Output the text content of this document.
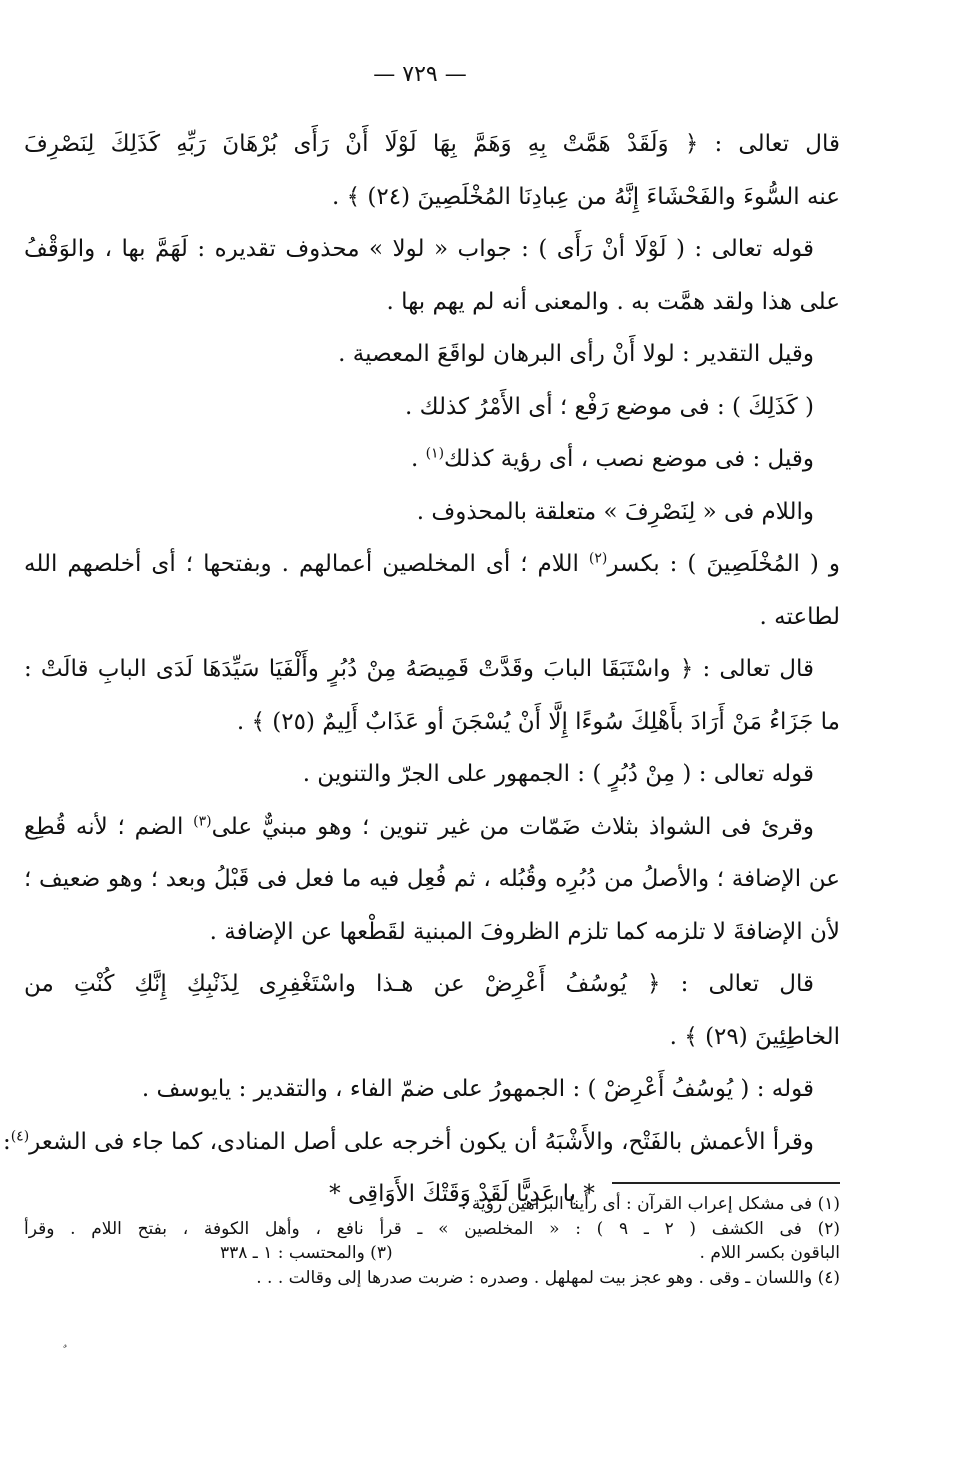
— ٧٢٩ —
قال تعالى : ﴿ وَلَقَدْ هَمَّتْ بِهِ وَهَمَّ بِهَا لَوْلَا أَنْ رَأَى بُرْهَانَ رَبِّهِ كَذَلِكَ لِنَصْرِفَ
عنه السُّوءَ والفَحْشَاءَ إِنَّهُ من عِبادِنَا المُخْلَصِينَ (٢٤) ﴾ .
قوله تعالى : ( لَوْلَا أنْ رَأَى ) : جواب « لولا » محذوف تقديره : لَهَمَّ بها ، والوَقْفُ
على هذا ولقد همَّت به . والمعنى أنه لم يهم بها .
وقيل التقدير : لولا أَنْ رأى البرهان لواقَعَ المعصية .
( كَذَلِكَ ) : فى موضع رَفْع ؛ أى الأَمْرُ كذلك .
وقيل : فى موضع نصب ، أى رؤية كذلك$^{(١)}$ .
واللام فى « لِنَصْرِفَ » متعلقة بالمحذوف .
و ( المُخْلَصِينَ ) : بكسر$^{(٢)}$ اللام ؛ أى المخلصين أعمالهم . وبفتحها ؛ أى أخلصهم الله
لطاعته .
قال تعالى : ﴿ واسْتَبَقَا البابَ وقَدَّتْ قَمِيصَهُ مِنْ دُبُرٍ وأَلْفَيَا سَيِّدَهَا لَدَى البابِ قالَتْ :
ما جَزَاءُ مَنْ أَرَادَ بأَهْلِكَ سُوءًا إِلَّا أَنْ يُسْجَنَ أو عَذَابٌ أَلِيمٌ (٢٥) ﴾ .
قوله تعالى : ( مِنْ دُبُرٍ ) : الجمهور على الجرّ والتنوين .
وقرئ فى الشواذ بثلاث ضَمّات من غير تنوين ؛ وهو مبنيٌّ على$^{(٣)}$ الضم ؛ لأنه قُطِع
عن الإضافة ؛ والأصلُ من دُبُرِه وقُبُله ، ثم فُعِل فيه ما فعل فى قَبْلُ وبعد ؛ وهو ضعيف ؛
لأن الإضافةَ لا تلزمه كما تلزم الظروفَ المبنية لقَطْعها عن الإضافة .
قال تعالى : ﴿ يُوسُفُ أَعْرِضْ عن هـذا واسْتَغْفِرِى لِذَنْبِكِ إِنَّكِ كُنْتِ من
الخاطِئِينَ (٢٩) ﴾ .
قوله : ( يُوسُفُ أَعْرِضْ ) : الجمهورُ على ضمّ الفاء ، والتقدير : يايوسف .
وقرأ الأعمش بالفَتْح، والأَشْبَهُ أن يكون أخرجه على أصل المنادى، كما جاء فى الشعر$^{(٤)}$:
* يا عَدِيًّا لَقَدْ وَقَتْكَ الأَوَاقِى *
(١) فى مشكل إعراب القرآن : أى رأينا البراهين رؤية .
(٢) فى الكشف ( ٢ ـ ٩ ) : « المخلصين » ـ قرأ نافع ، وأهل الكوفة ، بفتح اللام . وقرأ
الباقون بكسر اللام .
(٣) والمحتسب : ١ ـ ٣٣٨
(٤) واللسان ـ وقى . وهو عجز بيت لمهلهل . وصدره : ضربت صدرها إلى وقالت . . .
